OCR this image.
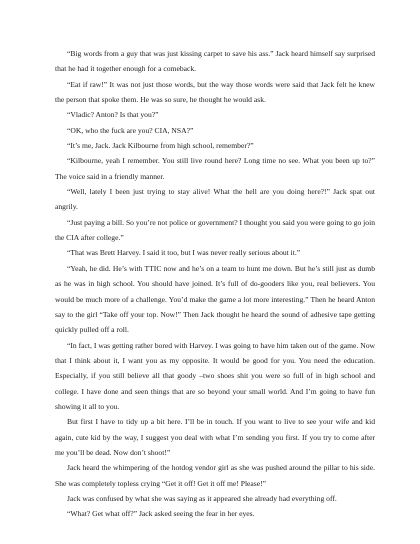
“Big words from a guy that was just kissing carpet to save his ass.” Jack heard himself say surprised that he had it together enough for a comeback.

“Eat if raw!” It was not just those words, but the way those words were said that Jack felt he knew the person that spoke them. He was so sure, he thought he would ask.

“Vladic? Anton? Is that you?”

“OK, who the fuck are you? CIA, NSA?”

“It’s me, Jack. Jack Kilbourne from high school, remember?”

“Kilbourne, yeah I remember. You still live round here? Long time no see. What you been up to?” The voice said in a friendly manner.

“Well, lately I been just trying to stay alive! What the hell are you doing here?!” Jack spat out angrily.

“Just paying a bill. So you’re not police or government? I thought you said you were going to go join the CIA after college.”

“That was Brett Harvey. I said it too, but I was never really serious about it.”

“Yeah, he did. He’s with TTIC now and he’s on a team to hunt me down. But he’s still just as dumb as he was in high school. You should have joined. It’s full of do-gooders like you, real believers. You would be much more of a challenge. You’d make the game a lot more interesting.” Then he heard Anton say to the girl “Take off your top. Now!” Then Jack thought he heard the sound of adhesive tape getting quickly pulled off a roll.

“In fact, I was getting rather bored with Harvey. I was going to have him taken out of the game. Now that I think about it, I want you as my opposite. It would be good for you. You need the education. Especially, if you still believe all that goody –two shoes shit you were so full of in high school and college. I have done and seen things that are so beyond your small world. And I’m going to have fun showing it all to you.

But first I have to tidy up a bit here. I’ll be in touch. If you want to live to see your wife and kid again, cute kid by the way, I suggest you deal with what I’m sending you first. If you try to come after me you’ll be dead. Now don’t shoot!”

Jack heard the whimpering of the hotdog vendor girl as she was pushed around the pillar to his side. She was completely topless crying “Get it off! Get it off me! Please!”

Jack was confused by what she was saying as it appeared she already had everything off.

“What? Get what off?” Jack asked seeing the fear in her eyes.
